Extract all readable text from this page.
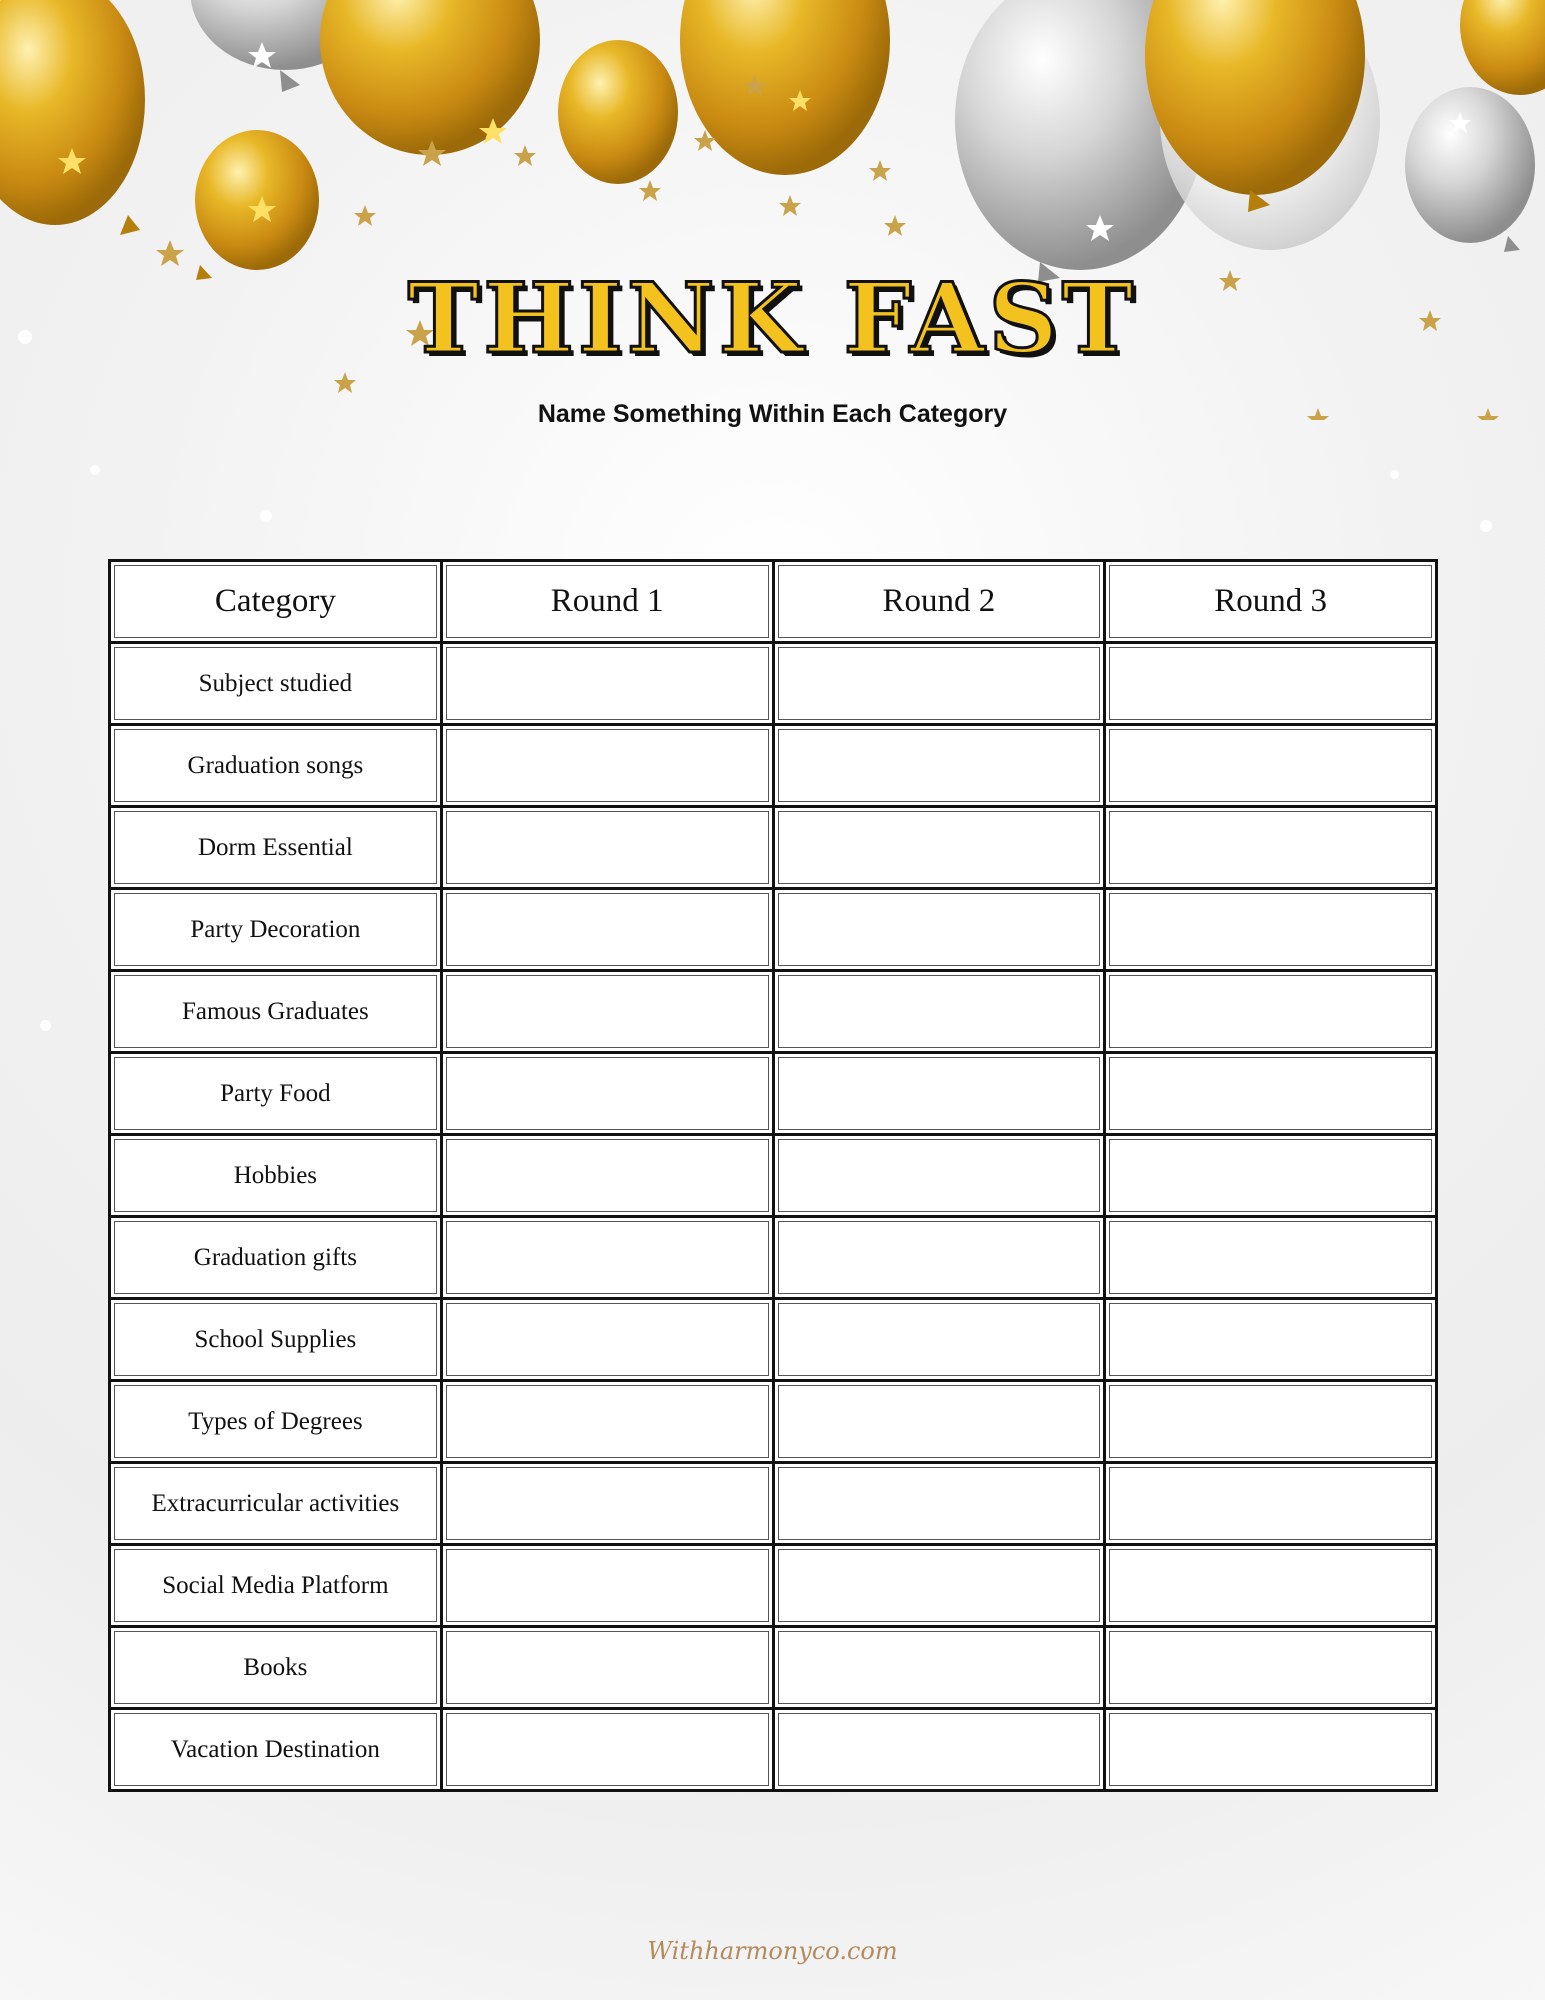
THINK FAST
Name Something Within Each Category
Category	Round 1	Round 2	Round 3
Subject studied			
Graduation songs			
Dorm Essential			
Party Decoration			
Famous Graduates			
Party Food			
Hobbies			
Graduation gifts			
School Supplies			
Types of Degrees			
Extracurricular activities			
Social Media Platform			
Books			
Vacation Destination			
Withharmonyco.com
